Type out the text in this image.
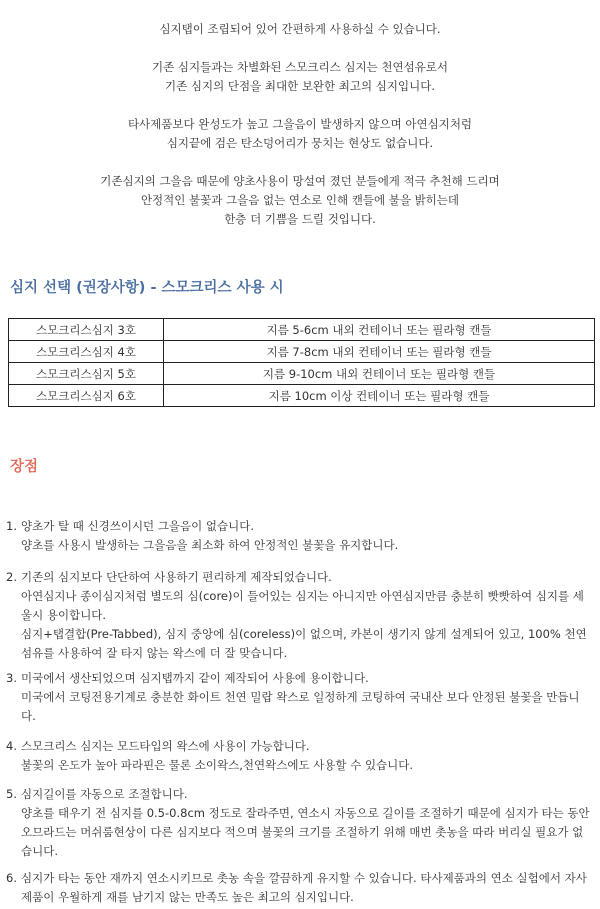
심지탭이 조립되어 있어 간편하게 사용하실 수 있습니다.

기존 심지들과는 차별화된 스모크리스 심지는 천연섬유로서
기존 심지의 단점을 최대한 보완한 최고의 심지입니다.

타사제품보다 완성도가 높고 그을음이 발생하지 않으며 아연심지처럼
심지끝에 검은 탄소덩어리가 뭉치는 현상도 없습니다.

기존심지의 그을음 때문에 양초사용이 망설여 졌던 분들에게 적극 추천해 드리며
안정적인 불꽃과 그을음 없는 연소로 인해 캔들에 불을 밝히는데
한층 더 기쁨을 드릴 것입니다.

심지 선택 (권장사항) - 스모크리스 사용 시
스모크리스심지 3호	지름 5-6cm 내외 컨테이너 또는 필라형 캔들
스모크리스심지 4호	지름 7-8cm 내외 컨테이너 또는 필라형 캔들
스모크리스심지 5호	지름 9-10cm 내외 컨테이너 또는 필라형 캔들
스모크리스심지 6호	지름 10cm 이상 컨테이너 또는 필라형 캔들
장점
1. 양초가 탈 때 신경쓰이시던 그을음이 없습니다.
양초를 사용시 발생하는 그을음을 최소화 하여 안정적인 불꽃을 유지합니다.
2. 기존의 심지보다 단단하여 사용하기 편리하게 제작되었습니다.
아연심지나 종이심지처럼 별도의 심(core)이 들어있는 심지는 아니지만 아연심지만큼 충분히 빳빳하여 심지를 세울시 용이합니다.
심지+탭결합(Pre-Tabbed), 심지 중앙에 심(coreless)이 없으며, 카본이 생기지 않게 설계되어 있고, 100% 천연 섬유를 사용하여 잘 타지 않는 왁스에 더 잘 맞습니다.
3. 미국에서 생산되었으며 심지탭까지 같이 제작되어 사용에 용이합니다.
미국에서 코팅전용기계로 충분한 화이트 천연 밀랍 왁스로 일정하게 코팅하여 국내산 보다 안정된 불꽃을 만듭니다.
4. 스모크리스 심지는 모드타입의 왁스에 사용이 가능합니다.
불꽃의 온도가 높아 파라핀은 물론 소이왁스,천연왁스에도 사용할 수 있습니다.
5. 심지길이를 자동으로 조절합니다.
양초를 태우기 전 심지를 0.5-0.8cm 정도로 잘라주면, 연소시 자동으로 길이를 조절하기 때문에 심지가 타는 동안 오므라드는 머쉬룸현상이 다른 심지보다 적으며 불꽃의 크기를 조절하기 위해 매번 촛농을 따라 버리실 필요가 없습니다.
6. 심지가 타는 동안 재까지 연소시키므로 촛농 속을 깔끔하게 유지할 수 있습니다. 타사제품과의 연소 실험에서 자사제품이 우월하게 재를 남기지 않는 만족도 높은 최고의 심지입니다.
